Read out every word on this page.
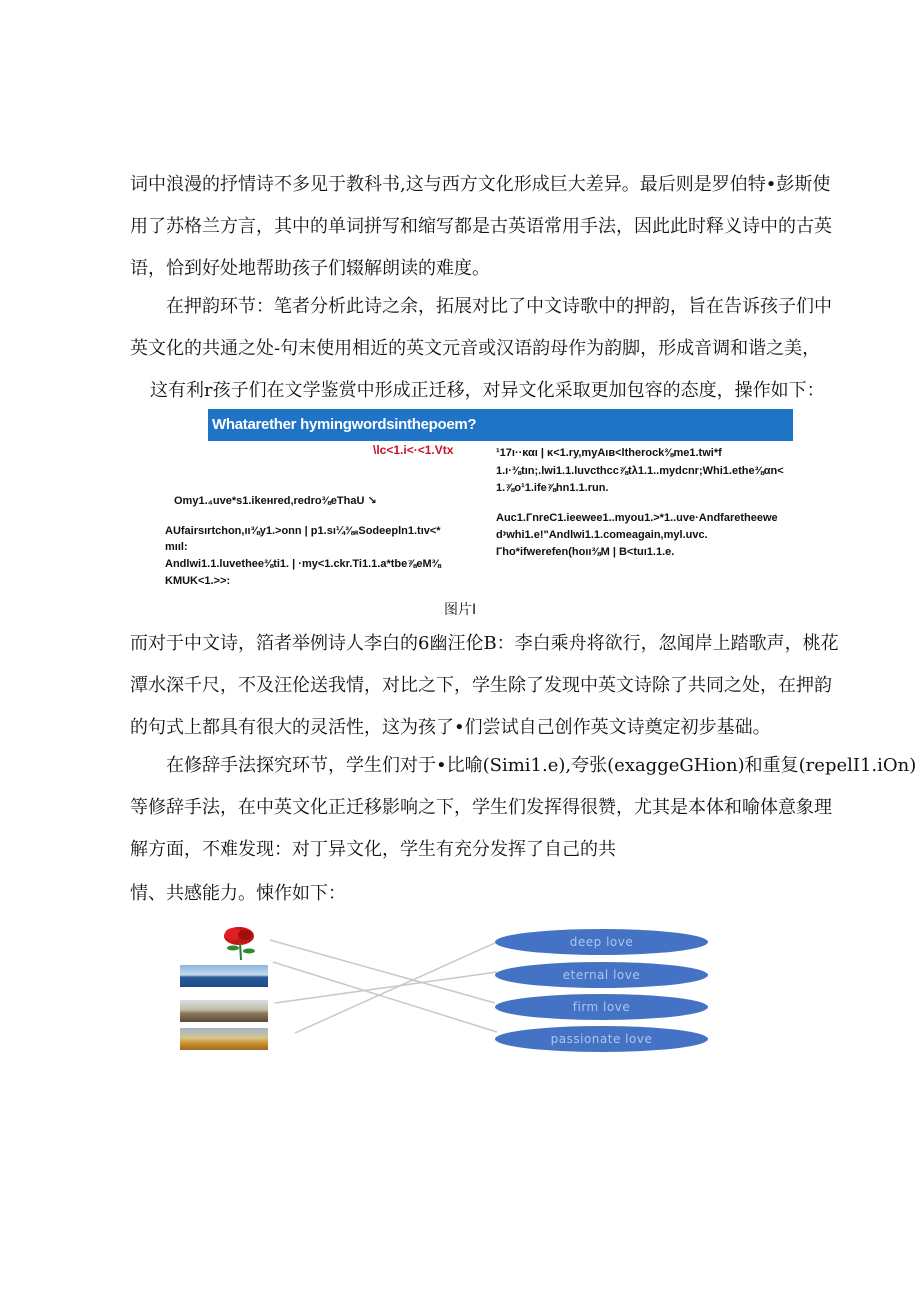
词中浪漫的抒情诗不多见于教科书,这与西方文化形成巨大差异。最后则是罗伯特•彭斯使
用了苏格兰方言，其中的单词拼写和缩写都是古英语常用手法，因此此时释义诗中的古英
语，恰到好处地帮助孩子们辍解朗读的难度。
在押韵环节：笔者分析此诗之余，拓展对比了中文诗歌中的押韵，旨在告诉孩子们中
英文化的共通之处-句末使用相近的英文元音或汉语韵母作为韵脚，形成音调和谐之美，
这有利r孩子们在文学鉴赏中形成正迁移，对异文化采取更加包容的态度，操作如下：
Whatarether hymingwordsinthepoem?
\lc<1.i<·<1.Vtx	¹17ı··και | κ<1.ry,myAıв<ltherock⅜me1.twi*f
1.ı·⅜tın;.lwi1.1.luvcthcc⅞tλ1.1..mydcnr;Whi1.ethe⅜αn<
1.⅞o¹1.ife⅞hn1.1.run.
Auc1.ГnreC1.ieewee1..myou1.>*1..uve·Andfaretheewe
d᠈whi1.e!"Andlwi1.1.comeagain,myl.uvc.
Гho*ifwerefen(hoıı⅜M | B<tuı1.1.e.
Omy1.₄uve*s1.ikeнred,redro⅜eThaU ↘
AUfairsırtchon,ıı⅜y1.>onn | p1.sı¼⅜ₐSodeepln1.tıv<*
mıιl:
Andlwi1.1.luvethee⅜ti1. | ·my<1.ckr.Ti1.1.a*tbe⅞eM⅜
KMUK<1.>>:
图片I
而对于中文诗，箔者举例诗人李白的6幽汪伦B：李白乘舟将欲行，忽闻岸上踏歌声，桃花
潭水深千尺，不及汪伦送我情，对比之下，学生除了发现中英文诗除了共同之处，在押韵
的句式上都具有很大的灵活性，这为孩了•们尝试自己创作英文诗奠定初步基础。
在修辞手法探究环节，学生们对于•比喻(Simi1.e),夸张(exaggeGHion)和重复(repelI1.iOn)
等修辞手法，在中英文化正迁移影响之下，学生们发挥得很赞，尤其是本体和喻体意象理
解方面，不难发现：对丁异文化，学生有充分发挥了自己的共
情、共感能力。悚作如下：
deep love
eternal love
firm love
passionate love
